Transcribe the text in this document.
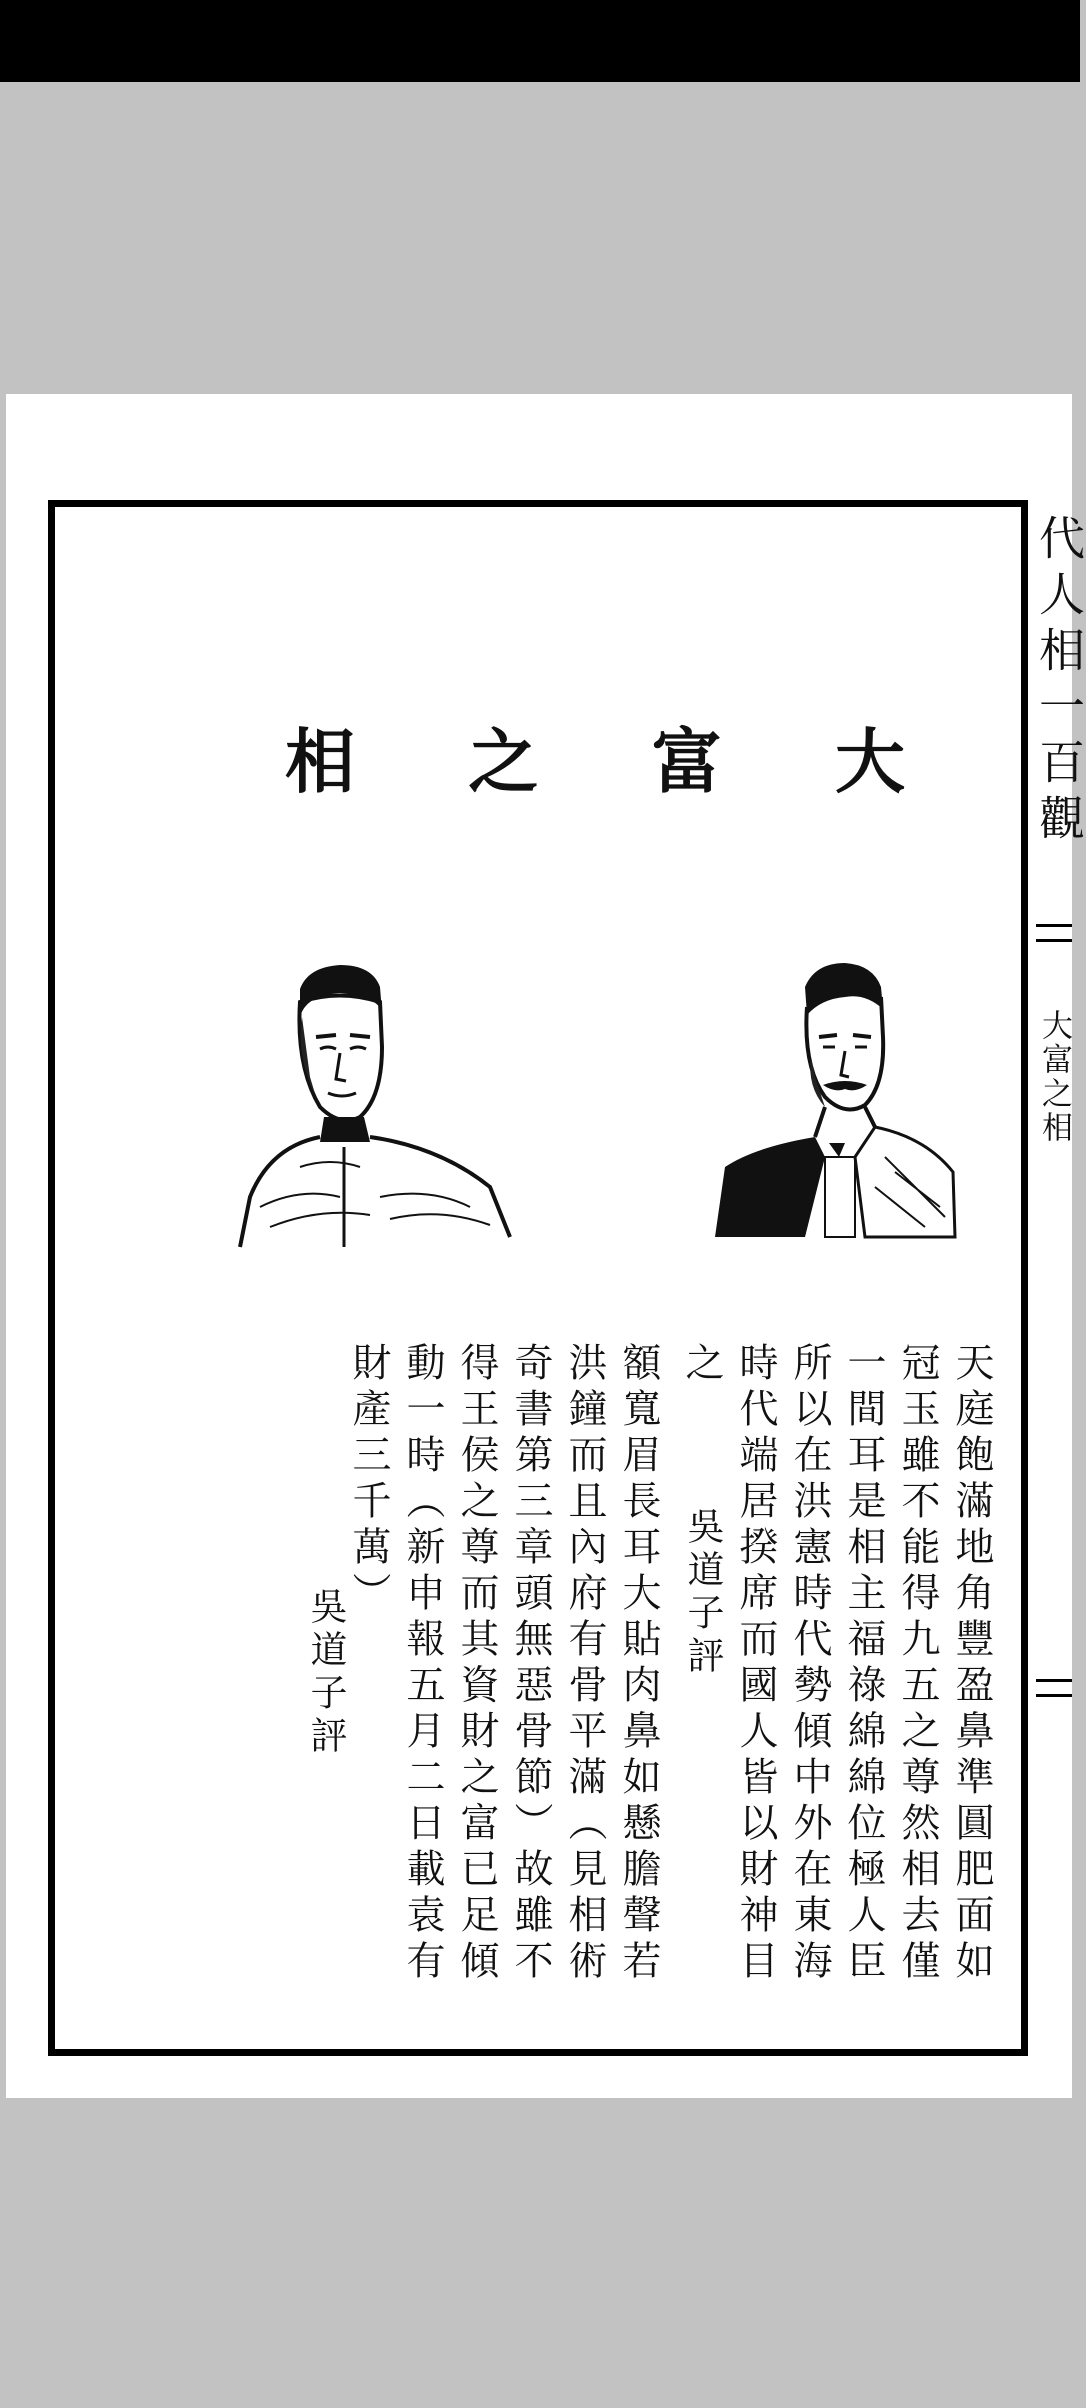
代人相一百觀
大富之相
相 之 富 大
天庭飽滿地角豐盈鼻準圓肥面如
冠玉雖不能得九五之尊然相去僅
一間耳是相主福祿綿綿位極人臣
所以在洪憲時代勢傾中外在東海
時代端居揆席而國人皆以財神目
之
吳道子評
額寬眉長耳大貼肉鼻如懸膽聲若
洪鐘而且內府有骨平滿（見相術
奇書第三章頭無惡骨節）故雖不
得王侯之尊而其資財之富已足傾
動一時（新申報五月二日載袁有
財產三千萬）
吳道子評
